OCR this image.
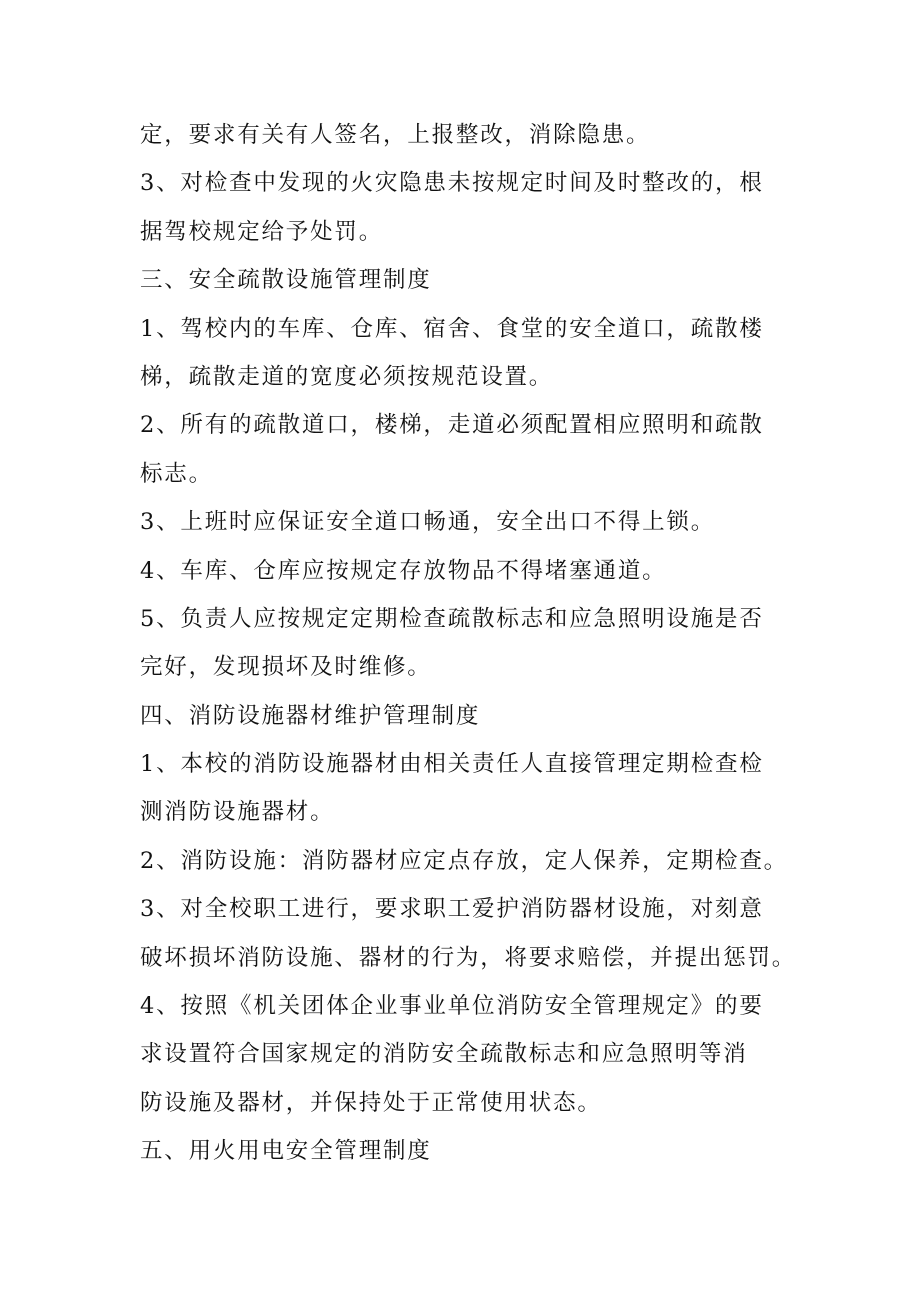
定，要求有关有人签名，上报整改，消除隐患。

3、对检查中发现的火灾隐患未按规定时间及时整改的，根

据驾校规定给予处罚。

三、安全疏散设施管理制度

1、驾校内的车库、仓库、宿舍、食堂的安全道口，疏散楼

梯，疏散走道的宽度必须按规范设置。

2、所有的疏散道口，楼梯，走道必须配置相应照明和疏散

标志。

3、上班时应保证安全道口畅通，安全出口不得上锁。

4、车库、仓库应按规定存放物品不得堵塞通道。

5、负责人应按规定定期检查疏散标志和应急照明设施是否

完好，发现损坏及时维修。

四、消防设施器材维护管理制度

1、本校的消防设施器材由相关责任人直接管理定期检查检

测消防设施器材。

2、消防设施：消防器材应定点存放，定人保养，定期检查。

3、对全校职工进行，要求职工爱护消防器材设施，对刻意

破坏损坏消防设施、器材的行为，将要求赔偿，并提出惩罚。

4、按照《机关团体企业事业单位消防安全管理规定》的要

求设置符合国家规定的消防安全疏散标志和应急照明等消

防设施及器材，并保持处于正常使用状态。

五、用火用电安全管理制度
